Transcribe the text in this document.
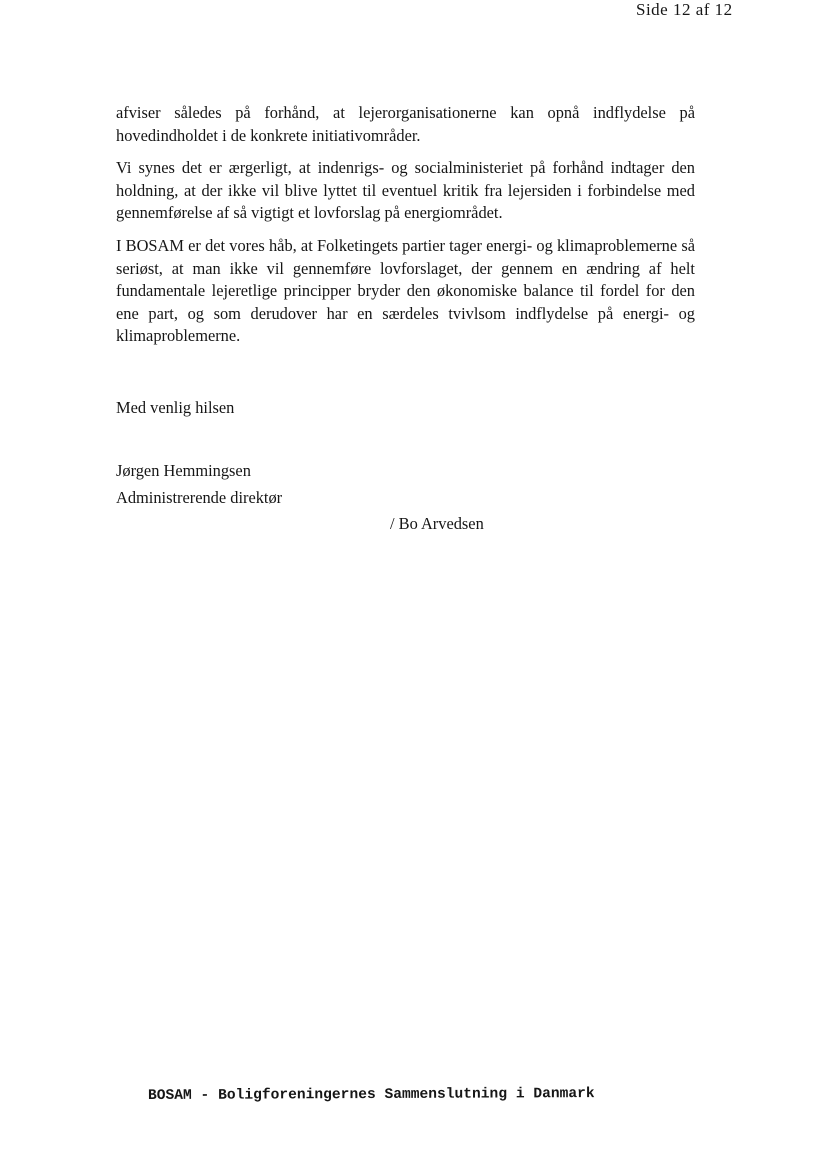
Side 12 af 12

afviser således på forhånd, at lejerorganisationerne kan opnå indflydelse på hovedindholdet i de konkrete initiativområder.

Vi synes det er ærgerligt, at indenrigs- og socialministeriet på forhånd indtager den holdning, at der ikke vil blive lyttet til eventuel kritik fra lejersiden i forbindelse med gennemførelse af så vigtigt et lovforslag på energiområdet.

I BOSAM er det vores håb, at Folketingets partier tager energi- og klimaproblemerne så seriøst, at man ikke vil gennemføre lovforslaget, der gennem en ændring af helt fundamentale lejeretlige principper bryder den økonomiske balance til fordel for den ene part, og som derudover har en særdeles tvivlsom indflydelse på energi- og klimaproblemerne.

Med venlig hilsen
Jørgen Hemmingsen
Administrerende direktør
/ Bo Arvedsen
BOSAM - Boligforeningernes Sammenslutning i Danmark
